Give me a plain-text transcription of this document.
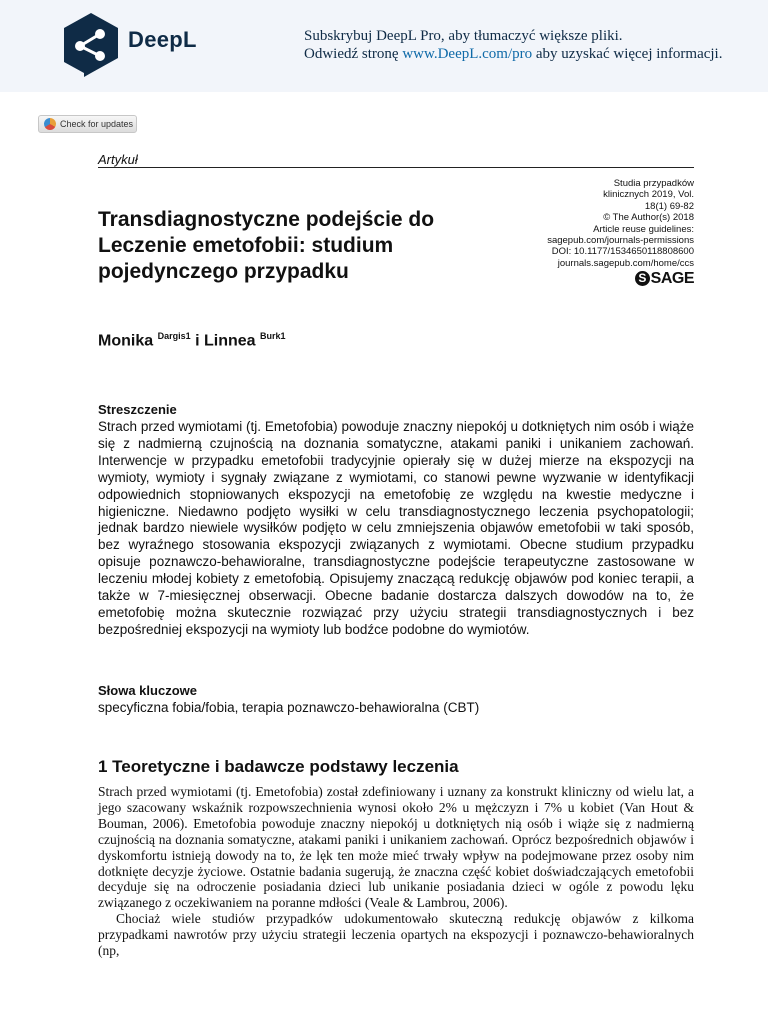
DeepL	Subskrybuj DeepL Pro, aby tłumaczyć większe pliki.
Odwiedź stronę www.DeepL.com/pro aby uzyskać więcej informacji.
Check for updates
Artykuł
Transdiagnostyczne podejście do Leczenie emetofobii: studium pojedynczego przypadku
Studia przypadków
klinicznych 2019, Vol.
18(1) 69-82
© The Author(s) 2018
Article reuse guidelines:
sagepub.com/journals-permissions
DOI: 10.1177/1534650118808600
journals.sagepub.com/home/ccs
S SAGE
Monika $^{Dargis1}$ i Linnea $^{Burk1}$
Streszczenie
Strach przed wymiotami (tj. Emetofobia) powoduje znaczny niepokój u dotkniętych nim osób i wiąże się z nadmierną czujnością na doznania somatyczne, atakami paniki i unikaniem zachowań. Interwencje w przypadku emetofobii tradycyjnie opierały się w dużej mierze na ekspozycji na wymioty, wymioty i sygnały związane z wymiotami, co stanowi pewne wyzwanie w identyfikacji odpowiednich stopniowanych ekspozycji na emetofobię ze względu na kwestie medyczne i higieniczne. Niedawno podjęto wysiłki w celu transdiagnostycznego leczenia psychopatologii; jednak bardzo niewiele wysiłków podjęto w celu zmniejszenia objawów emetofobii w taki sposób, bez wyraźnego stosowania ekspozycji związanych z wymiotami. Obecne studium przypadku opisuje poznawczo-behawioralne, transdiagnostyczne podejście terapeutyczne zastosowane w leczeniu młodej kobiety z emetofobią. Opisujemy znaczącą redukcję objawów pod koniec terapii, a także w 7-miesięcznej obserwacji. Obecne badanie dostarcza dalszych dowodów na to, że emetofobię można skutecznie rozwiązać przy użyciu strategii transdiagnostycznych i bez bezpośredniej ekspozycji na wymioty lub bodźce podobne do wymiotów.
Słowa kluczowe
specyficzna fobia/fobia, terapia poznawczo-behawioralna (CBT)
1 Teoretyczne i badawcze podstawy leczenia

Strach przed wymiotami (tj. Emetofobia) został zdefiniowany i uznany za konstrukt kliniczny od wielu lat, a jego szacowany wskaźnik rozpowszechnienia wynosi około 2% u mężczyzn i 7% u kobiet (Van Hout & Bouman, 2006). Emetofobia powoduje znaczny niepokój u dotkniętych nią osób i wiąże się z nadmierną czujnością na doznania somatyczne, atakami paniki i unikaniem zachowań. Oprócz bezpośrednich objawów i dyskomfortu istnieją dowody na to, że lęk ten może mieć trwały wpływ na podejmowane przez osoby nim dotknięte decyzje życiowe. Ostatnie badania sugerują, że znaczna część kobiet doświadczających emetofobii decyduje się na odroczenie posiadania dzieci lub unikanie posiadania dzieci w ogóle z powodu lęku związanego z oczekiwaniem na poranne mdłości (Veale & Lambrou, 2006).

Chociaż wiele studiów przypadków udokumentowało skuteczną redukcję objawów z kilkoma przypadkami nawrotów przy użyciu strategii leczenia opartych na ekspozycji i poznawczo-behawioralnych (np,
